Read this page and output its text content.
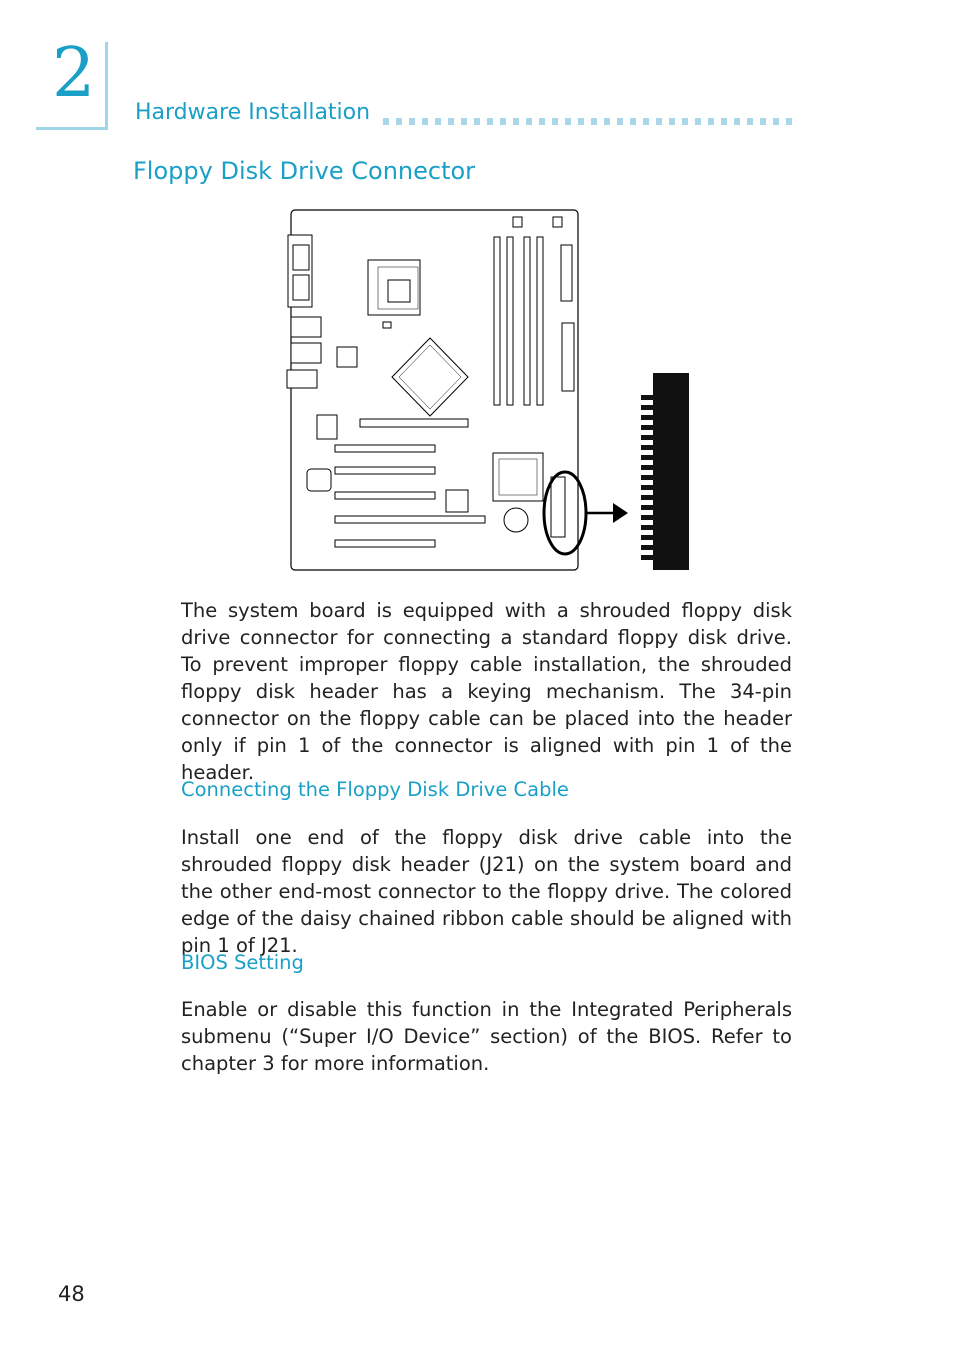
2 Hardware Installation
Floppy Disk Drive Connector
The system board is equipped with a shrouded floppy disk drive connector for connecting a standard floppy disk drive. To prevent improper floppy cable installation, the shrouded floppy disk header has a keying mechanism. The 34-pin connector on the floppy cable can be placed into the header only if pin 1 of the connector is aligned with pin 1 of the header.
Connecting the Floppy Disk Drive Cable
Install one end of the floppy disk drive cable into the shrouded floppy disk header (J21) on the system board and the other end-most connector to the floppy drive. The colored edge of the daisy chained ribbon cable should be aligned with pin 1 of J21.
BIOS Setting
Enable or disable this function in the Integrated Peripherals submenu (“Super I/O Device” section) of the BIOS. Refer to chapter 3 for more information.
48
